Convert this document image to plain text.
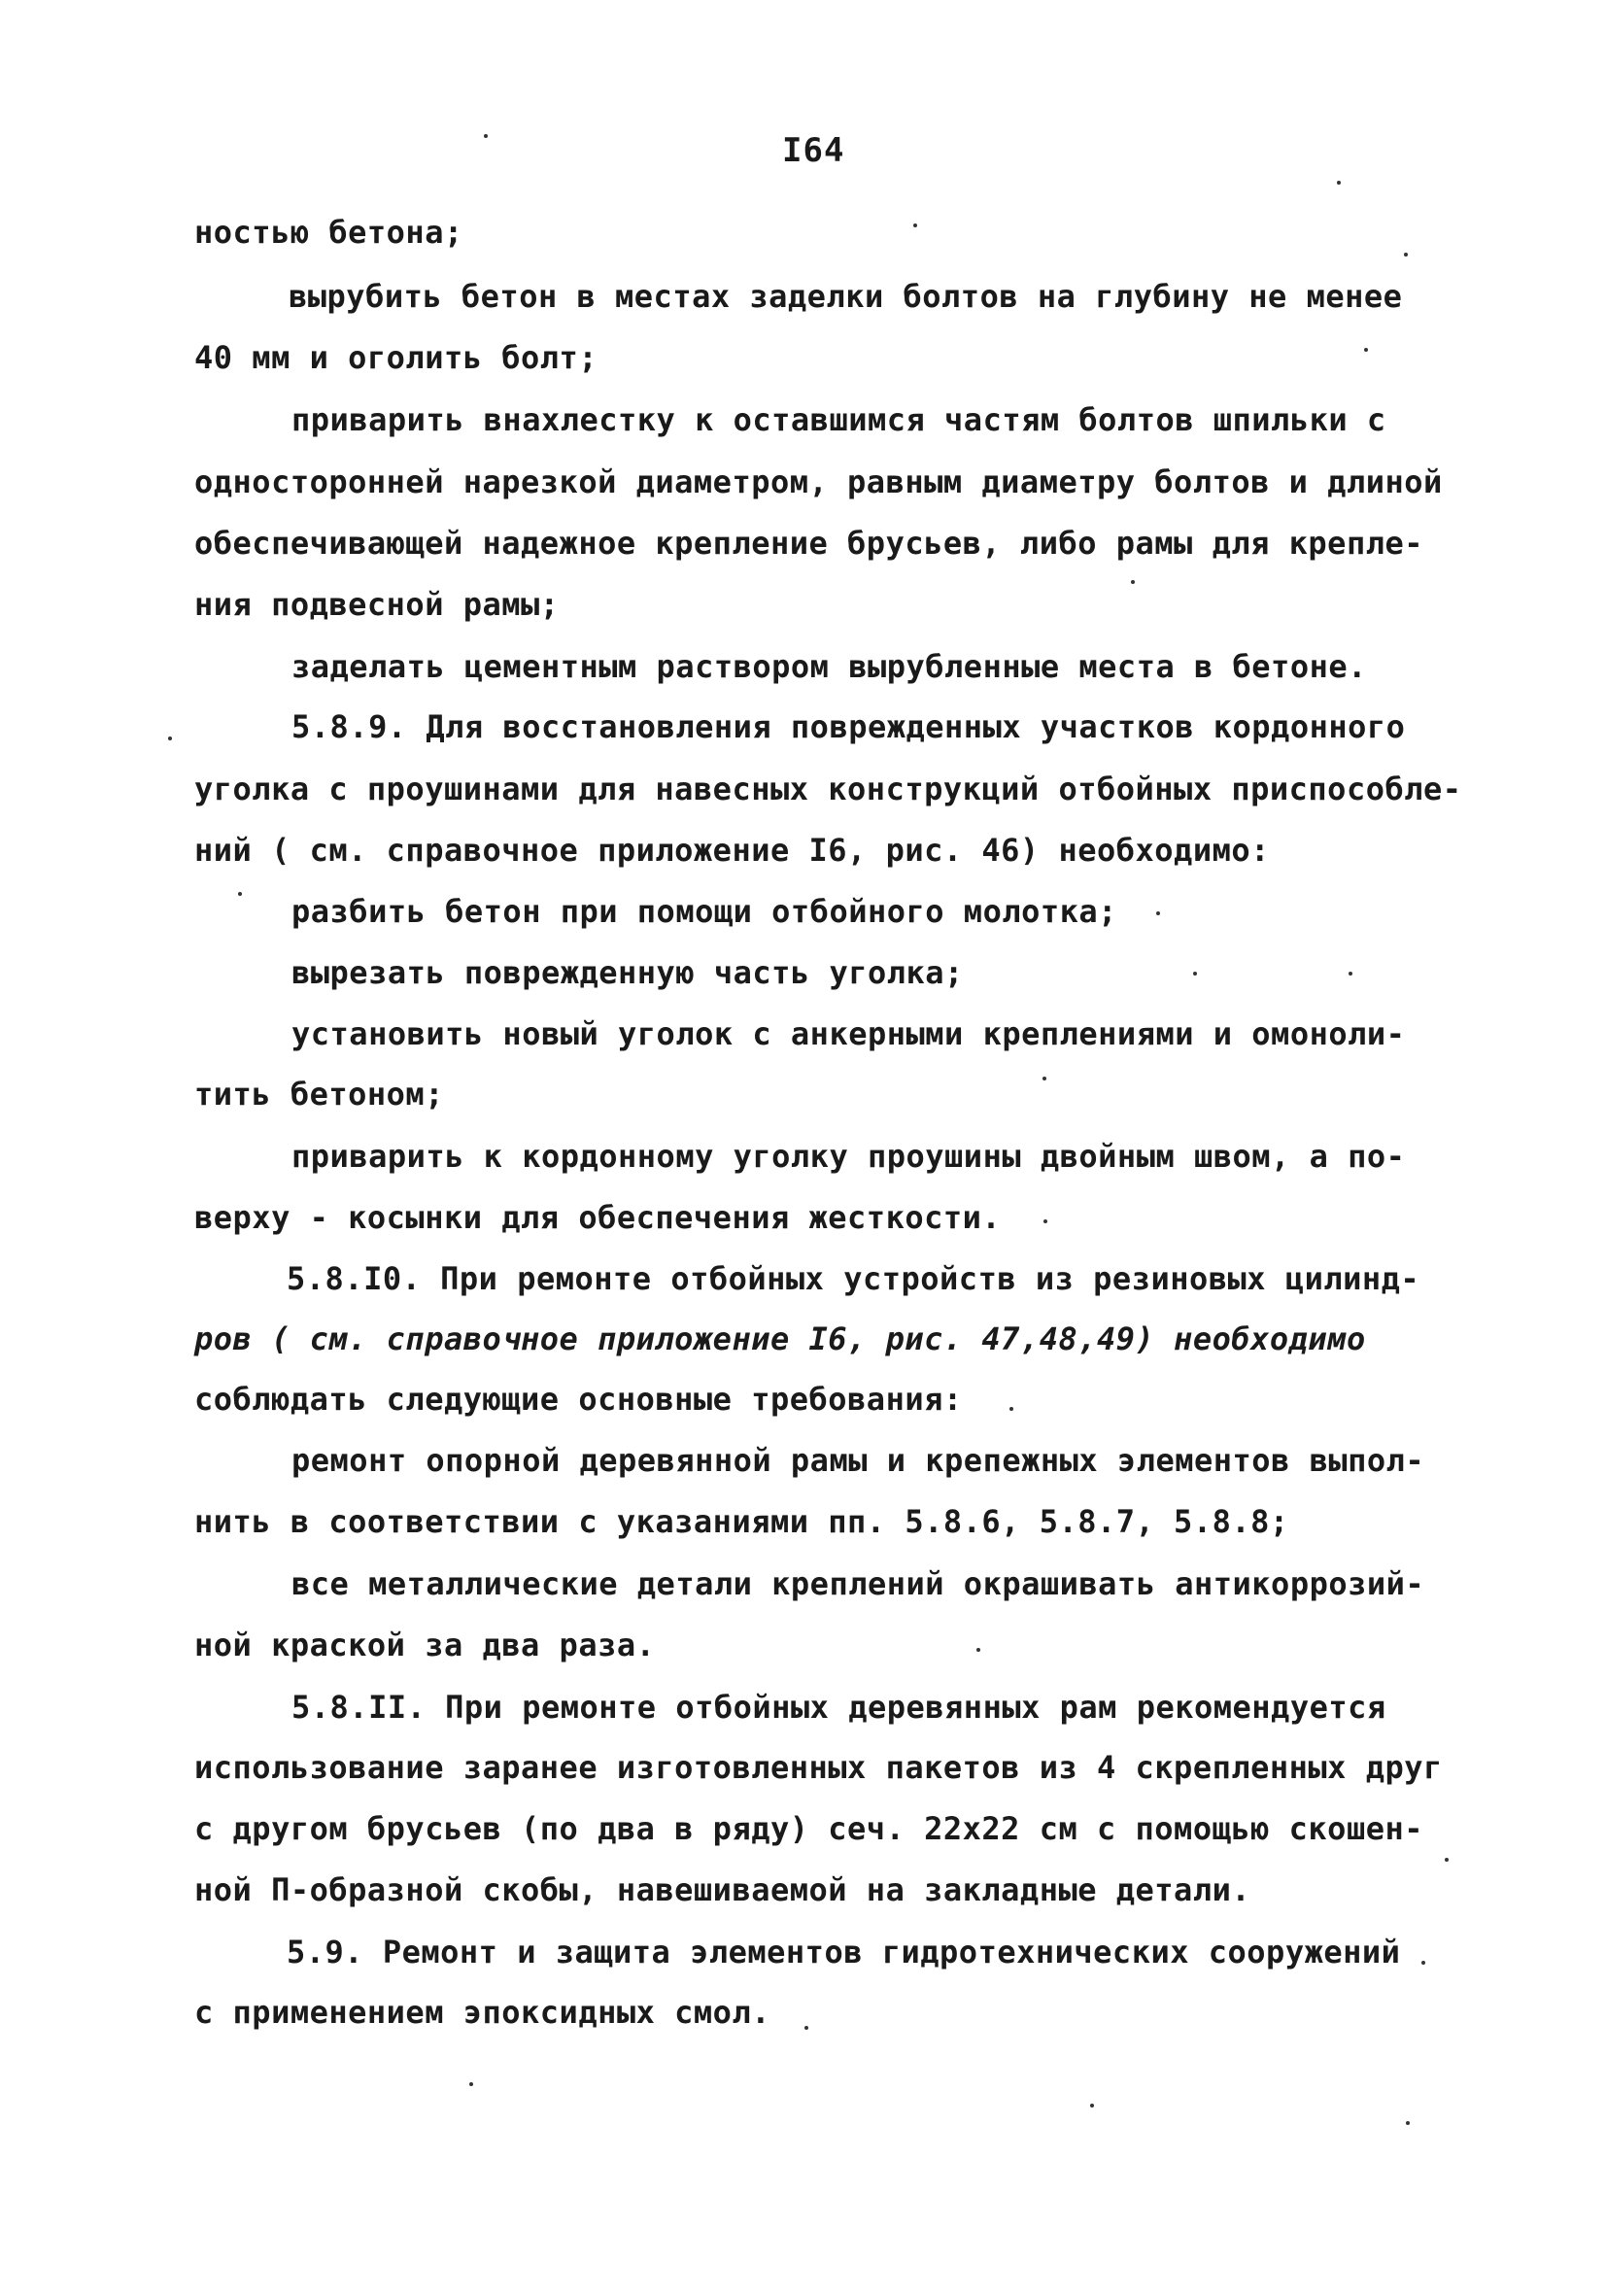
I64
ностью бетона;
вырубить бетон в местах заделки болтов на глубину не менее
40 мм и оголить болт;
приварить внахлестку к оставшимся частям болтов шпильки с
односторонней нарезкой диаметром, равным диаметру болтов и длиной
обеспечивающей надежное крепление брусьев, либо рамы для крепле-
ния подвесной рамы;
заделать цементным раствором вырубленные места в бетоне.
5.8.9. Для восстановления поврежденных участков кордонного
уголка с проушинами для навесных конструкций отбойных приспособле-
ний ( см. справочное приложение I6, рис. 46) необходимо:
разбить бетон при помощи отбойного молотка;
вырезать поврежденную часть уголка;
установить новый уголок с анкерными креплениями и омоноли-
тить бетоном;
приварить к кордонному уголку проушины двойным швом, а по-
верху - косынки для обеспечения жесткости.
5.8.I0. При ремонте отбойных устройств из резиновых цилинд-
ров ( см. справочное приложение I6, рис. 47,48,49) необходимо
соблюдать следующие основные требования:
ремонт опорной деревянной рамы и крепежных элементов выпол-
нить в соответствии с указаниями пп. 5.8.6, 5.8.7, 5.8.8;
все металлические детали креплений окрашивать антикоррозий-
ной краской за два раза.
5.8.II. При ремонте отбойных деревянных рам рекомендуется
использование заранее изготовленных пакетов из 4 скрепленных друг
с другом брусьев (по два в ряду) сеч. 22х22 см с помощью скошен-
ной П-образной скобы, навешиваемой на закладные детали.
5.9. Ремонт и защита элементов гидротехнических сооружений
с применением эпоксидных смол.
